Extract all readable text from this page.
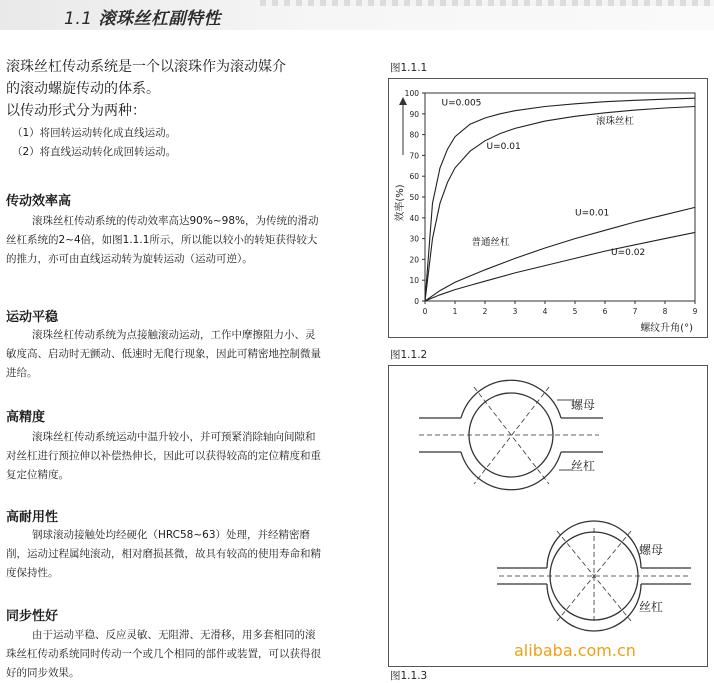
1.1 滚珠丝杠副特性

滚珠丝杠传动系统是一个以滚珠作为滚动媒介

的滚动螺旋传动的体系。

以传动形式分为两种：

（1）将回转运动转化成直线运动。
（2）将直线运动转化成回转运动。
传动效率高

滚珠丝杠传动系统的传动效率高达90%~98%，为传统的滑动丝杠系统的2~4倍，如图1.1.1所示，所以能以较小的转矩获得较大的推力，亦可由直线运动转为旋转运动（运动可逆）。

运动平稳

滚珠丝杠传动系统为点接触滚动运动，工作中摩擦阻力小、灵敏度高、启动时无颤动、低速时无爬行现象，因此可精密地控制微量进给。

高精度

滚珠丝杠传动系统运动中温升较小，并可预紧消除轴向间隙和对丝杠进行预拉伸以补偿热伸长，因此可以获得较高的定位精度和重复定位精度。

高耐用性

钢球滚动接触处均经硬化（HRC58~63）处理，并经精密磨削，运动过程属纯滚动，相对磨损甚微，故具有较高的使用寿命和精度保持性。

同步性好

由于运动平稳、反应灵敏、无阻滞、无滑移，用多套相同的滚珠丝杠传动系统同时传动一个或几个相同的部件或装置，可以获得很好的同步效果。

图1.1.1
0
10
20
30
40
50
60
70
80
90
100
0	1	2	3	4	5	6	7	8	9
螺纹升角(°)
效率(%)
U=0.005
U=0.01
U=0.01
U=0.02
滚珠丝杠
普通丝杠
图1.1.2
螺母
丝杠
螺母
丝杠
图1.1.3
alibaba.com.cn
